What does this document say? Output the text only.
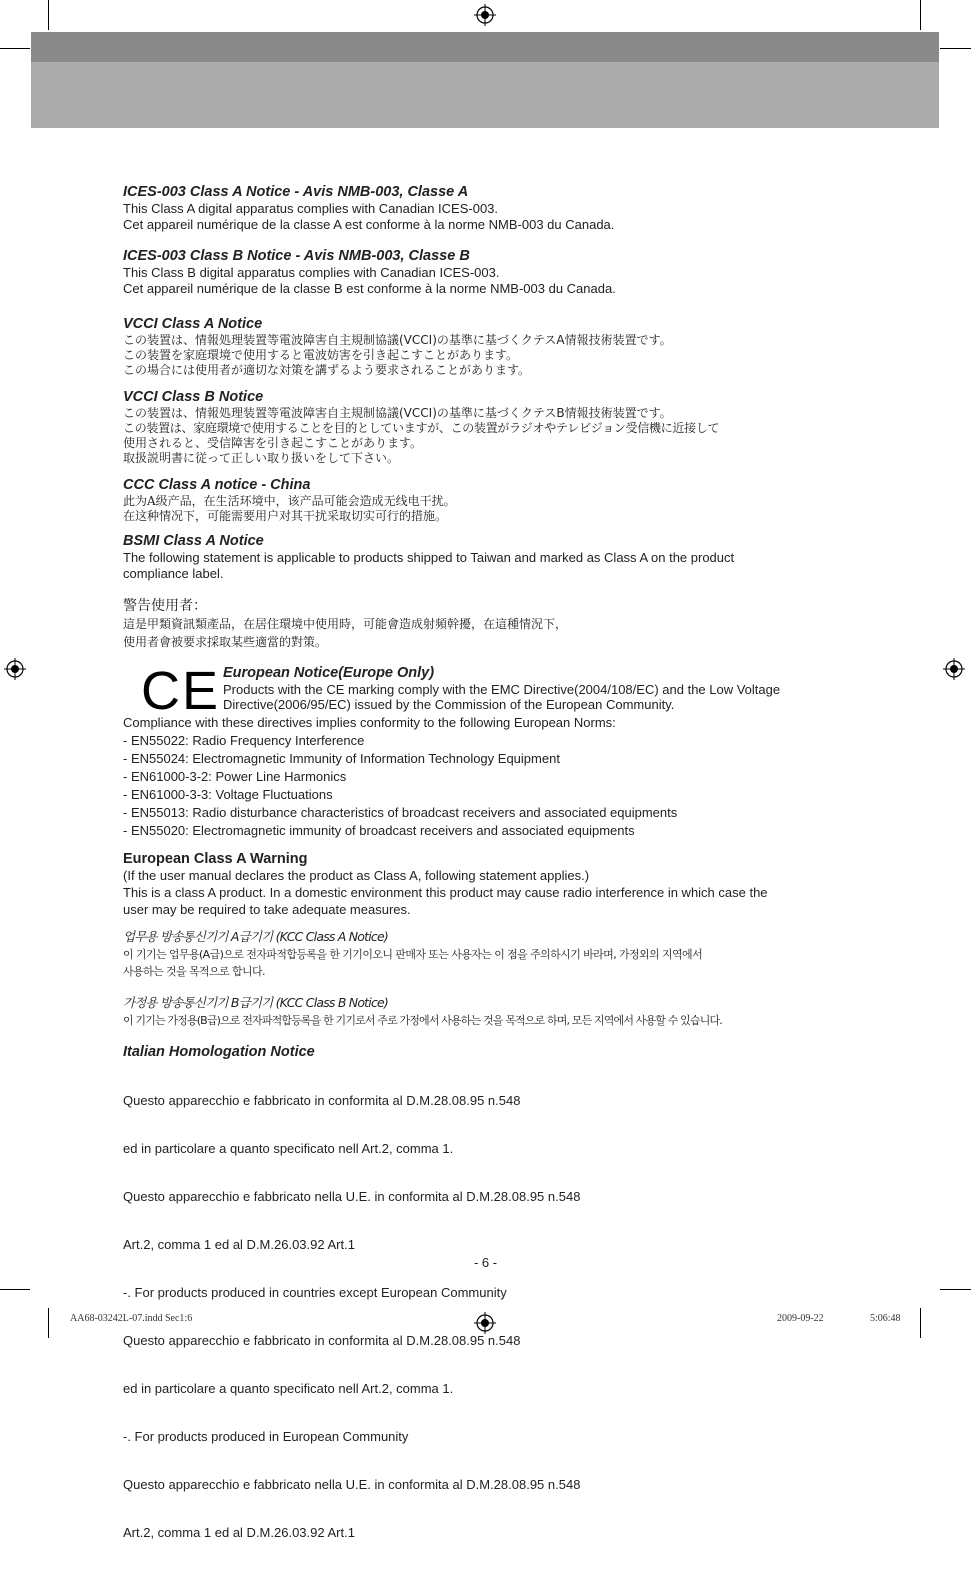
ICES-003 Class A Notice - Avis NMB-003, Classe A

This Class A digital apparatus complies with Canadian ICES-003.

Cet appareil numérique de la classe A est conforme à la norme NMB-003 du Canada.

ICES-003 Class B Notice - Avis NMB-003, Classe B

This Class B digital apparatus complies with Canadian ICES-003.

Cet appareil numérique de la classe B est conforme à la norme NMB-003 du Canada.

VCCI Class A Notice

この装置は、情報処理装置等電波障害自主規制協議(VCCI)の基準に基づくクテスA情報技術装置です。

この装置を家庭環境で使用すると電波妨害を引き起こすことがあります。

この場合には使用者が適切な対策を講ずるよう要求されることがあります。

VCCI Class B Notice

この装置は、情報処理装置等電波障害自主規制協議(VCCI)の基準に基づくクテスB情報技術装置です。

この装置は、家庭環境で使用することを目的としていますが、この装置がラジオやテレビジョン受信機に近接して

使用されると、受信障害を引き起こすことがあります。

取扱説明書に従って正しい取り扱いをして下さい。

CCC Class A notice - China

此为A级产品，在生活环境中，该产品可能会造成无线电干扰。

在这种情况下，可能需要用户对其干扰采取切实可行的措施。

BSMI Class A Notice

The following statement is applicable to products shipped to Taiwan and marked as Class A on the product

compliance label.

警告使用者：

這是甲類資訊類產品，在居住環境中使用時，可能會造成射頻幹擾，在這種情況下，

使用者會被要求採取某些適當的對策。

CE European Notice(Europe Only)

Products with the CE marking comply with the EMC Directive(2004/108/EC) and the Low Voltage

Directive(2006/95/EC) issued by the Commission of the European Community.

Compliance with these directives implies conformity to the following European Norms:

- EN55022: Radio Frequency Interference

- EN55024: Electromagnetic Immunity of Information Technology Equipment

- EN61000-3-2: Power Line Harmonics

- EN61000-3-3: Voltage Fluctuations

- EN55013: Radio disturbance characteristics of broadcast receivers and associated equipments

- EN55020: Electromagnetic immunity of broadcast receivers and associated equipments

European Class A Warning

(If the user manual declares the product as Class A, following statement applies.)

This is a class A product. In a domestic environment this product may cause radio interference in which case the

user may be required to take adequate measures.

업무용 방송통신기기 A급기기 (KCC Class A Notice)

이 기기는 업무용(A급)으로 전자파적합등록을 한 기기이오니 판매자 또는 사용자는 이 점을 주의하시기 바라며, 가정외의 지역에서

사용하는 것을 목적으로 합니다.

가정용 방송통신기기 B급기기 (KCC Class B Notice)

이 기기는 가정용(B급)으로 전자파적합등록을 한 기기로서 주로 가정에서 사용하는 것을 목적으로 하며, 모든 지역에서 사용할 수 있습니다.

Italian Homologation Notice

Questo apparecchio e fabbricato in conformita al D.M.28.08.95 n.548

ed in particolare a quanto specificato nell Art.2, comma 1.

Questo apparecchio e fabbricato nella U.E. in conformita al D.M.28.08.95 n.548

Art.2, comma 1 ed al D.M.26.03.92 Art.1

-. For products produced in countries except European Community

Questo apparecchio e fabbricato in conformita al D.M.28.08.95 n.548

ed in particolare a quanto specificato nell Art.2, comma 1.

-. For products produced in European Community

Questo apparecchio e fabbricato nella U.E. in conformita al D.M.28.08.95 n.548

Art.2, comma 1 ed al D.M.26.03.92 Art.1

- 6 -
AA68-03242L-07.indd Sec1:6	2009-09-22	5:06:48
